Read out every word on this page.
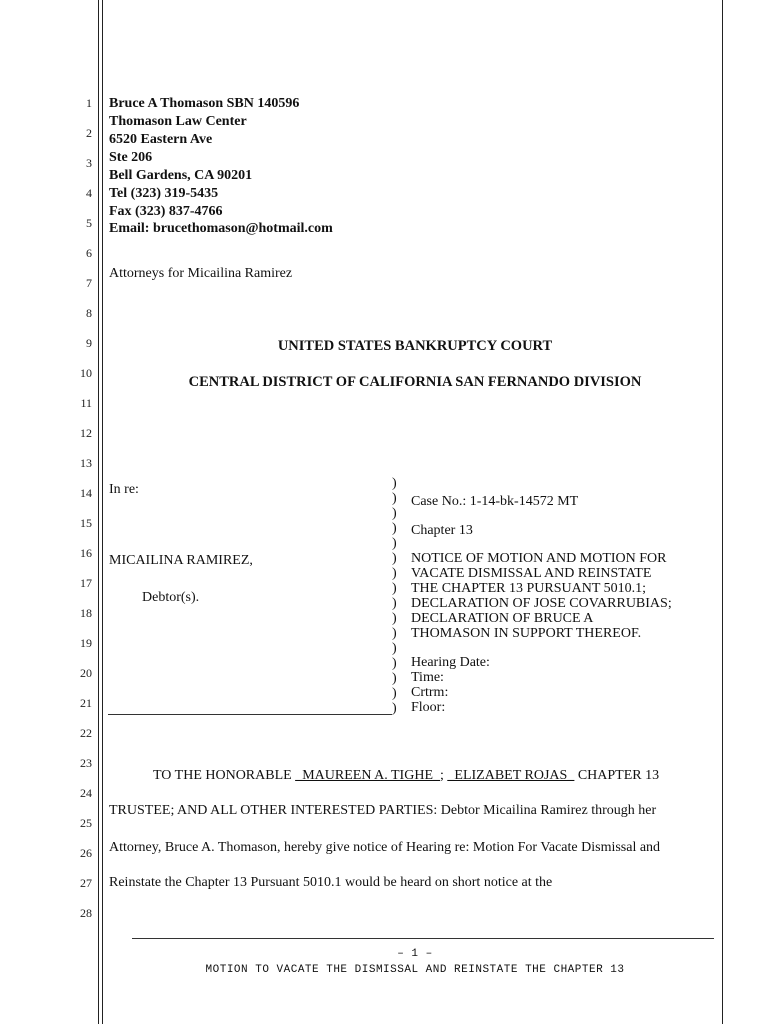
1
2
3
4
5
6
7
8
9
10
11
12
13
14
15
16
17
18
19
20
21
22
23
24
25
26
27
28
Bruce A Thomason SBN 140596
Thomason Law Center
6520 Eastern Ave
Ste 206
Bell Gardens, CA 90201
Tel (323) 319-5435
Fax (323) 837-4766
Email: brucethomason@hotmail.com
Attorneys for Micailina Ramirez
UNITED STATES BANKRUPTCY COURT
CENTRAL DISTRICT OF CALIFORNIA SAN FERNANDO DIVISION
In re:
MICAILINA RAMIREZ,
Debtor(s).
)
)
)
)
)
)
)
)
)
)
)
)
)
)
)
)
Case No.: 1-14-bk-14572 MT
Chapter 13
NOTICE OF MOTION AND MOTION FOR
VACATE DISMISSAL AND REINSTATE
THE CHAPTER 13 PURSUANT 5010.1;
DECLARATION OF JOSE COVARRUBIAS;
DECLARATION OF BRUCE A
THOMASON IN SUPPORT THEREOF.
Hearing Date:
Time:
Crtrm:
Floor:
TO THE HONORABLE _MAUREEN A. TIGHE_; _ELIZABET ROJAS_ CHAPTER 13
TRUSTEE; AND ALL OTHER INTERESTED PARTIES: Debtor Micailina Ramirez through her
Attorney, Bruce A. Thomason, hereby give notice of Hearing re: Motion For Vacate Dismissal and
Reinstate the Chapter 13 Pursuant 5010.1 would be heard on short notice at the
– 1 –
MOTION TO VACATE THE DISMISSAL AND REINSTATE THE CHAPTER 13
